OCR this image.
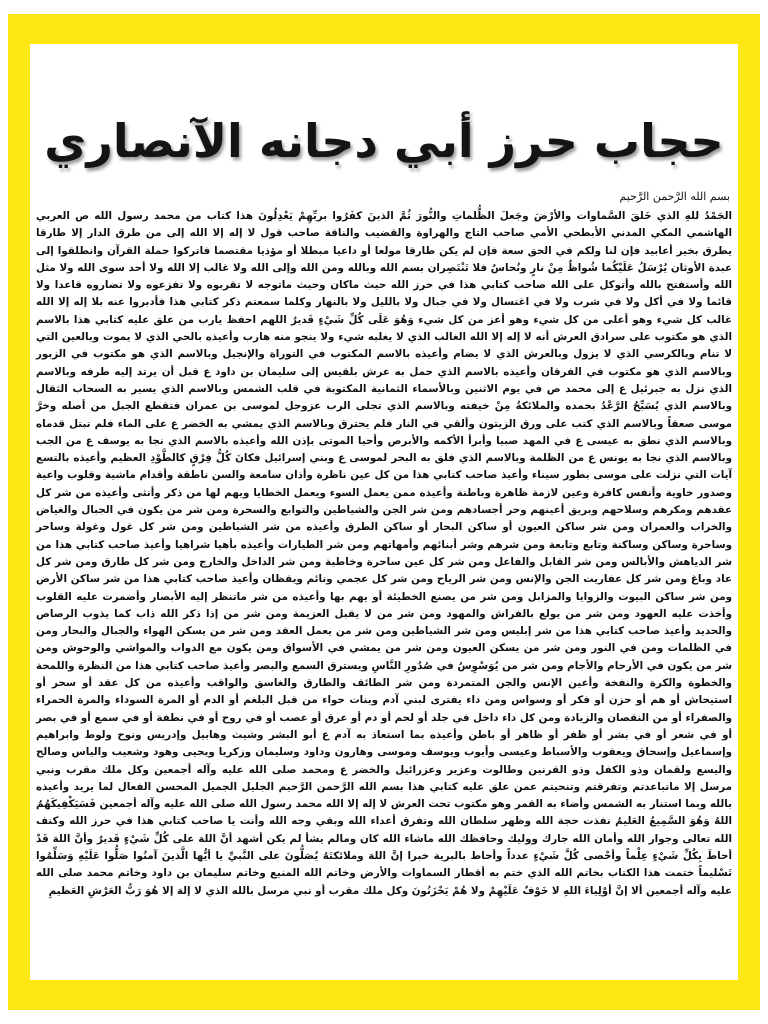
حجاب حرز أبي دجانه الآنصاري
بسم الله الرَّحمن الرَّحيم
الحَمْدُ للهِ الذي خَلقَ السَّماوات والأرْضَ وجَعلَ الظُّلماتِ والنُّورَ ثُمَّ الذينَ كفَرُوا بربِّهِمْ يَعْدِلُونَ هذا كتاب من محمد رسول الله ص العربي الهاشمي المكي المدني الأبطحي الأمي صاحب التاج والهراوة والقضيب والناقة صاحب قول لا إله إلا الله إلى من طرق الدار إلا طارقا يطرق بخير أعابيد فإن لنا ولكم في الحق سعة فإن لم يكن طارقا مولعا أو داعيا مبطلا أو مؤذيا مقتصما فاتركوا حملة القرآن وانطلقوا إلى عبدة الأوثان يُرْسَلُ عَلَيْكُما شُواظٌ مِنْ نارٍ ونُحاسٌ فلا تَنْتَصِران بسم الله وبالله ومن الله وإلى الله ولا غالب إلا الله ولا أحد سوى الله ولا مثل الله وأستفتح بالله وأتوكل على الله صاحب كتابي هذا في حرز الله حيث ماكان وحيث ماتوجه لا تقربوه ولا تفزعوه ولا تضاروه قاعدا ولا قائما ولا في أكل ولا في شرب ولا في اغتسال ولا في جبال ولا بالليل ولا بالنهار وكلما سمعتم ذكر كتابي هذا فأدبروا عنه بلا إله إلا الله غالب كل شيء وهو أعلى من كل شيء وهو أعز من كل شيء وَهُوَ عَلَى كُلِّ شَيْءٍ قَديرٌ اللهم احفظ يارب من علق عليه كتابي هذا بالاسم الذي هو مكتوب على سرادق العرش أنه لا إله إلا الله الغالب الذي لا يغلبه شيء ولا ينجو منه هارب وأعيذه بالحي الذي لا يموت وبالعين التي لا تنام وبالكرسي الذي لا يزول وبالعرش الذي لا يضام وأعيذه بالاسم المكتوب في التوراة والإنجيل وبالاسم الذي هو مكتوب في الزبور وبالاسم الذي هو مكتوب في الفرقان وأعيذه بالاسم الذي حمل به عرش بلقيس إلى سليمان بن داود ع قبل أن يرتد إليه طرفه وبالاسم الذي نزل به جبرئيل ع إلى محمد ص في يوم الاثنين وبالأسماء الثمانية المكتوبة في قلب الشمس وبالاسم الذي يسير به السحاب الثقال وبالاسم الذي يُسَبِّحُ الرَّعْدُ بحمده والملائكةُ مِنْ خيفته وبالاسم الذي تجلى الرب عزوجل لموسى بن عمران فتقطع الجبل من أصله وخرَّ موسى صعقاً وبالاسم الذي كتب على ورق الزيتون وألقي في النار فلم يحترق وبالاسم الذي يمشي به الخضر ع على الماء فلم تبتل قدماه وبالاسم الذي نطق به عيسى ع في المهد صبيا وأبرأ الأكمه والأبرص وأحيا الموتى بإذن الله وأعيذه بالاسم الذي نجا به يوسف ع من الجب وبالاسم الذي نجا به يونس ع من الظلمة وبالاسم الذي فلق به البحر لموسى ع وبني إسرائيل فكانَ كُلُّ فِرْقٍ كالطَّوْدِ العظيم وأعيذه بالتسع آيات التي نزلت على موسى بطور سيناء وأعيذ صاحب كتابي هذا من كل عين ناظرة وأذان سامعة والسن ناطقة وأقدام ماشية وقلوب واعية وصدور خاوية وأنفس كافرة وعين لازمة ظاهرة وباطنة وأعيذه ممن يعمل السوء ويعمل الخطايا ويهم لها من ذكر وأنثى وأعيذه من شر كل عقدهم ومكرهم وسلاحهم وبريق أعينهم وحر أجسادهم ومن شر الجن والشياطين والتوابع والسحرة ومن شر من يكون في الجبال والغياض والخراب والعمران ومن شر ساكن العيون أو ساكن البحار أو ساكن الطرق وأعيذه من شر الشياطين ومن شر كل غول وغولة وساحر وساحرة وساكن وساكنة وتابع وتابعة ومن شرهم وشر أبنائهم وأمهاتهم ومن شر الطيارات وأعيذه بأهيا شراهيا وأعيذ صاحب كتابي هذا من شر الدياهش والأبالس ومن شر القابل والفاعل ومن شر كل عين ساحرة وخاطية ومن شر الداخل والخارج ومن شر كل طارق ومن شر كل عاد وباغ ومن شر كل عفاريت الجن والإنس ومن شر الرياح ومن شر كل عجمي ونائم ويقظان وأعيذ صاحب كتابي هذا من شر ساكن الأرض ومن شر ساكن البيوت والزوايا والمزابل ومن شر من يصنع الخطيئة أو يهم بها وأعيذه من شر ماتنظر إليه الأبصار وأضمرت عليه القلوب وأخذت عليه العهود ومن شر من يولع بالفراش والمهود ومن شر من لا يقبل العزيمة ومن شر من إذا ذكر الله ذاب كما يذوب الرصاص والحديد وأعيذ صاحب كتابي هذا من شر إبليس ومن شر الشياطين ومن شر من يعمل العقد ومن شر من يسكن الهواء والجبال والبحار ومن في الظلمات ومن في النور ومن شر من يسكن العيون ومن شر من يمشي في الأسواق ومن يكون مع الدواب والمواشي والوحوش ومن شر من يكون في الأرحام والأجام ومن شر من يُوَسْوِسُ في صُدُورِ النَّاسِ ويسترق السمع والبصر وأعيذ صاحب كتابي هذا من النظرة واللمحة والخطوة والكرة والنفخة وأعين الإنس والجن المتمردة ومن شر الطائف والطارق والغاسق والواقب وأعيذه من كل عقد أو سحر أو استيحاش أو هم أو حزن أو فكر أو وسواس ومن داء يفترى لبني آدم وبنات حواء من قبل البلغم أو الدم أو المرة السوداء والمرة الحمراء والصفراء أو من النقصان والزيادة ومن كل داء داخل في جلد أو لحم أو دم أو عرق أو عصب أو في روح أو في نطفة أو في سمع أو في بصر أو في شعر أو في بشر أو ظفر أو ظاهر أو باطن وأعيذه بما استعاذ به آدم ع أبو البشر وشيث وهابيل وإدريس ونوح ولوط وابراهيم وإسماعيل وإسحاق ويعقوب والأسباط وعيسى وأيوب ويوسف وموسى وهارون وداود وسليمان وزكريا ويحيى وهود وشعيب والياس وصالح واليسع ولقمان وذو الكفل وذو القرنين وطالوت وعزير وعزرائيل والخضر ع ومحمد صلى الله عليه وآله أجمعين وكل ملك مقرب ونبي مرسل إلا ماتباعدتم وتفرقتم وتنحيتم عمن علق عليه كتابي هذا بسم الله الرَّحمن الرَّحيم الجليل الجميل المحسن الفعال لما يريد وأعيذه بالله وبما استنار به الشمس وأضاء به القمر وهو مكتوب تحت العرش لا إله إلا الله محمد رسول الله صلى الله عليه وآله أجمعين فَسَيَكْفِيكَهُمُ اللهُ وَهُوَ السَّمِيعُ العَليمُ نفذت حجة الله وظهر سلطان الله وتفرق أعداء الله وبقي وجه الله وأنت يا صاحب كتابي هذا في حرز الله وكنف الله تعالى وجوار الله وأمان الله جارك ووليك وحافظك الله ماشاء الله كان ومالم يشأ لم يكن أشهد أنَّ اللهَ على كُلِّ شَيْءٍ قَديرٌ وأنَّ اللهَ قَدْ أحاطَ بِكُلِّ شَيْءٍ عِلْماً وأحْصى كُلَّ شَيْءٍ عدداً وأحاط بالبرية خبرا إنَّ اللهَ وملائكتَهُ يُصَلُّونَ على النَّبيِّ يا أيُّها الَّذينَ آمنُوا صَلُّوا عَلَيْهِ وَسَلِّمُوا تَسْليماً ختمت هذا الكتاب بخاتم الله الذي ختم به أقطار السماوات والأرض وخاتم الله المنيع وخاتم سليمان بن داود وخاتم محمد صلى الله عليه وآله أجمعين ألا إنَّ أوْلِياءَ اللهِ لا خَوْفٌ عَلَيْهِمْ ولا هُمْ يَحْزَنُونَ وكل ملك مقرب أو نبي مرسل بالله الذي لا إلهَ إلا هُوَ رَبُّ العَرْشِ العَظيمِ
